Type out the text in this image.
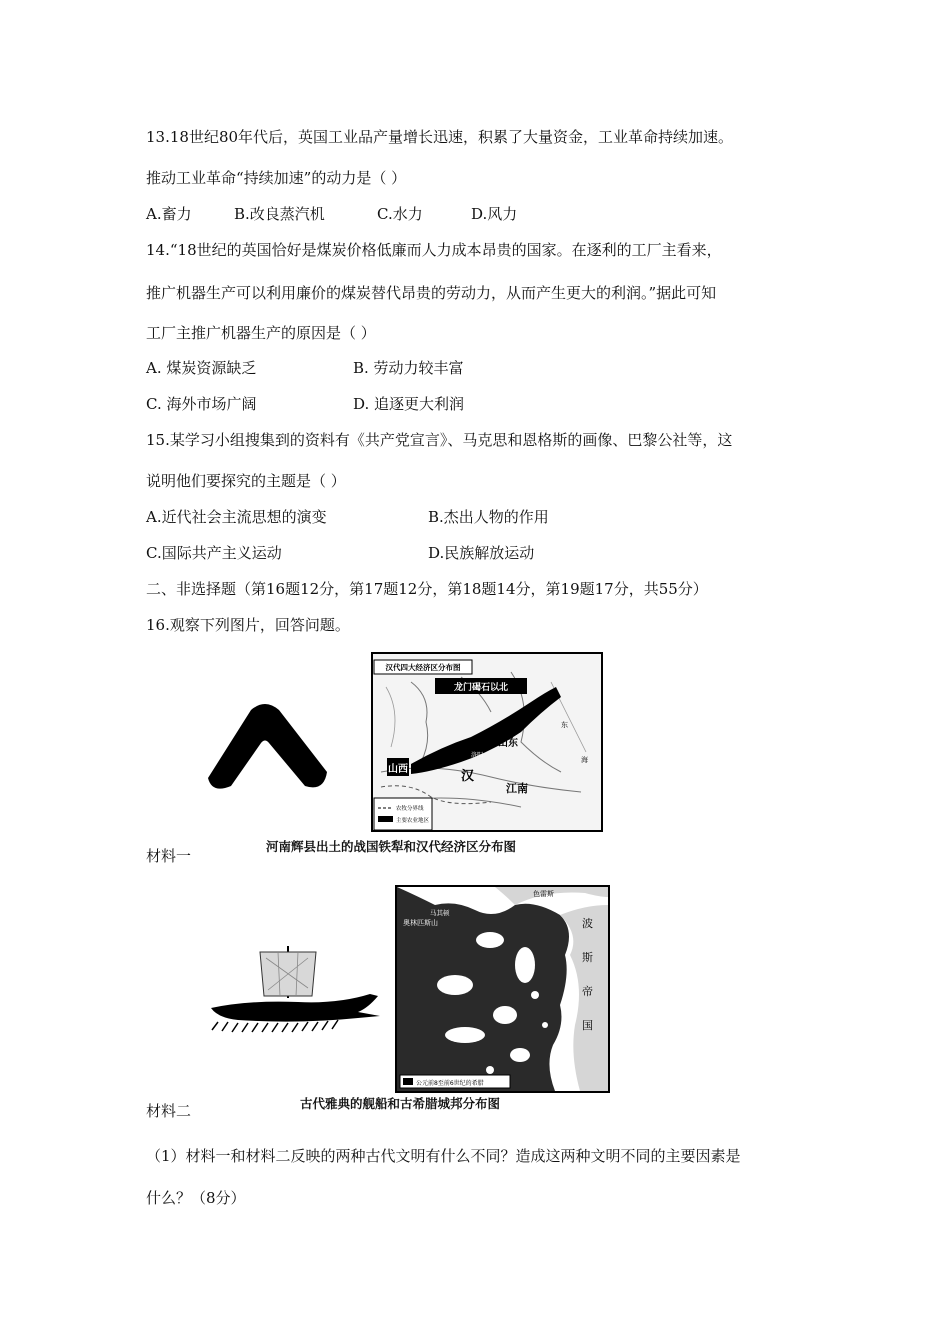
13.18世纪80年代后，英国工业品产量增长迅速，积累了大量资金，工业革命持续加速。
推动工业革命“持续加速”的动力是（ ）
A.畜力	B.改良蒸汽机	C.水力	D.风力
14.“18世纪的英国恰好是煤炭价格低廉而人力成本昂贵的国家。在逐利的工厂主看来，
推广机器生产可以利用廉价的煤炭替代昂贵的劳动力，从而产生更大的利润。”据此可知
工厂主推广机器生产的原因是（ ）
A. 煤炭资源缺乏	B. 劳动力较丰富
C. 海外市场广阔	D. 追逐更大利润
15.某学习小组搜集到的资料有《共产党宣言》、马克思和恩格斯的画像、巴黎公社等，这
说明他们要探究的主题是（ ）
A.近代社会主流思想的演变	B.杰出人物的作用
C.国际共产主义运动	D.民族解放运动
二、非选择题（第16题12分，第17题12分，第18题14分，第19题17分，共55分）
16.观察下列图片，回答问题。
汉代四大经济区分布图
龙门碣石以北
山东
山西	汉
江南
长安
东
海
洛阳
农牧分界线
主要农业地区
材料一
河南辉县出土的战国铁犁和汉代经济区分布图
色雷斯
马其顿
奥林匹斯山	波
斯
帝
国
公元前8至前6世纪的希腊
材料二	古代雅典的舰船和古希腊城邦分布图
（1）材料一和材料二反映的两种古代文明有什么不同？造成这两种文明不同的主要因素是
什么？（8分）
